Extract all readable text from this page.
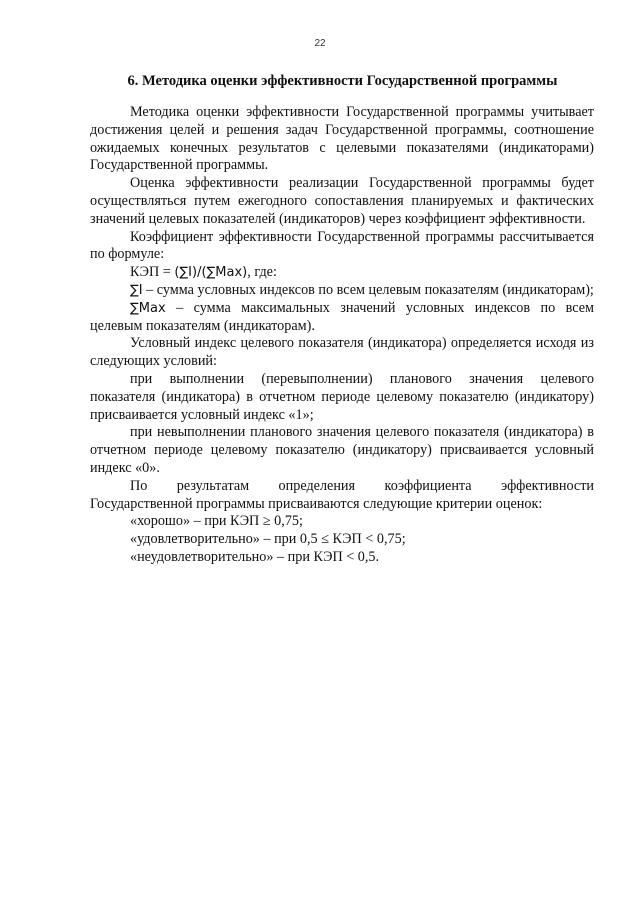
22
6. Методика оценки эффективности Государственной программы

Методика оценки эффективности Государственной программы учитывает достижения целей и решения задач Государственной программы, соотношение ожидаемых конечных результатов с целевыми показателями (индикаторами) Государственной программы.

Оценка эффективности реализации Государственной программы будет осуществляться путем ежегодного сопоставления планируемых и фактических значений целевых показателей (индикаторов) через коэффициент эффективности.

Коэффициент эффективности Государственной программы рассчитывается по формуле:

КЭП = (∑I)/(∑Max), где:

∑I – сумма условных индексов по всем целевым показателям (индикаторам);

∑Max – сумма максимальных значений условных индексов по всем целевым показателям (индикаторам).

Условный индекс целевого показателя (индикатора) определяется исходя из следующих условий:

при выполнении (перевыполнении) планового значения целевого показателя (индикатора) в отчетном периоде целевому показателю (индикатору) присваивается условный индекс «1»;

при невыполнении планового значения целевого показателя (индикатора) в отчетном периоде целевому показателю (индикатору) присваивается условный индекс «0».

По результатам определения коэффициента эффективности Государственной программы присваиваются следующие критерии оценок:

«хорошо» – при КЭП ≥ 0,75;

«удовлетворительно» – при 0,5 ≤ КЭП < 0,75;

«неудовлетворительно» – при КЭП < 0,5.
